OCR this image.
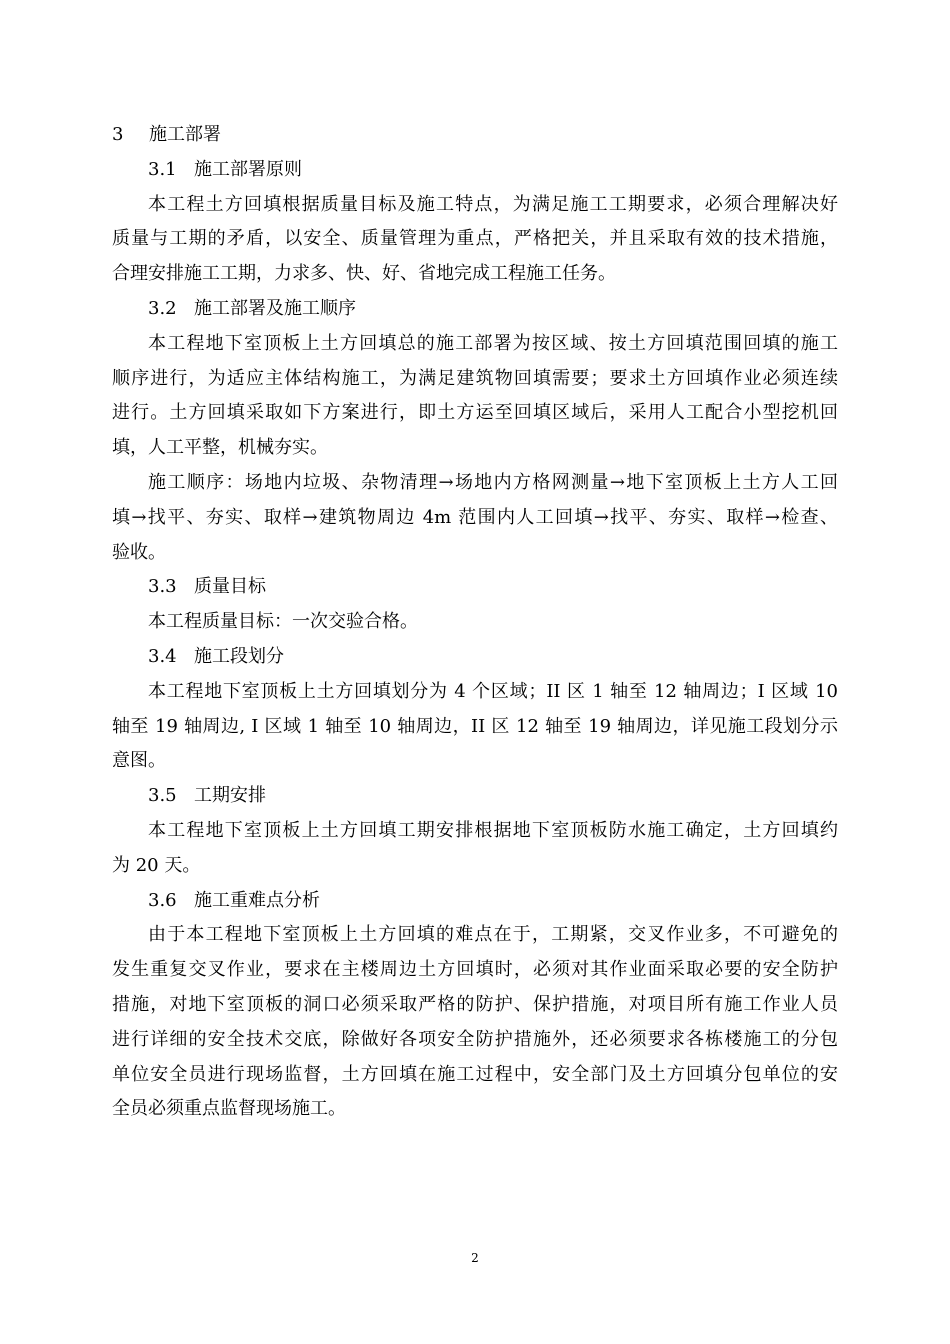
3 施工部署

3.1 施工部署原则

本工程土方回填根据质量目标及施工特点，为满足施工工期要求，必须合理解决好

质量与工期的矛盾，以安全、质量管理为重点，严格把关，并且采取有效的技术措施，

合理安排施工工期，力求多、快、好、省地完成工程施工任务。

3.2 施工部署及施工顺序

本工程地下室顶板上土方回填总的施工部署为按区域、按土方回填范围回填的施工

顺序进行，为适应主体结构施工，为满足建筑物回填需要；要求土方回填作业必须连续

进行。土方回填采取如下方案进行，即土方运至回填区域后，采用人工配合小型挖机回

填，人工平整，机械夯实。

施工顺序：场地内垃圾、杂物清理→场地内方格网测量→地下室顶板上土方人工回

填→找平、夯实、取样→建筑物周边 4m 范围内人工回填→找平、夯实、取样→检查、

验收。

3.3 质量目标

本工程质量目标：一次交验合格。

3.4 施工段划分

本工程地下室顶板上土方回填划分为 4 个区域；II 区 1 轴至 12 轴周边；I 区域 10

轴至 19 轴周边, I 区域 1 轴至 10 轴周边，II 区 12 轴至 19 轴周边，详见施工段划分示

意图。

3.5 工期安排

本工程地下室顶板上土方回填工期安排根据地下室顶板防水施工确定，土方回填约

为 20 天。

3.6 施工重难点分析

由于本工程地下室顶板上土方回填的难点在于，工期紧，交叉作业多，不可避免的

发生重复交叉作业，要求在主楼周边土方回填时，必须对其作业面采取必要的安全防护

措施，对地下室顶板的洞口必须采取严格的防护、保护措施，对项目所有施工作业人员

进行详细的安全技术交底，除做好各项安全防护措施外，还必须要求各栋楼施工的分包

单位安全员进行现场监督，土方回填在施工过程中，安全部门及土方回填分包单位的安

全员必须重点监督现场施工。

2
